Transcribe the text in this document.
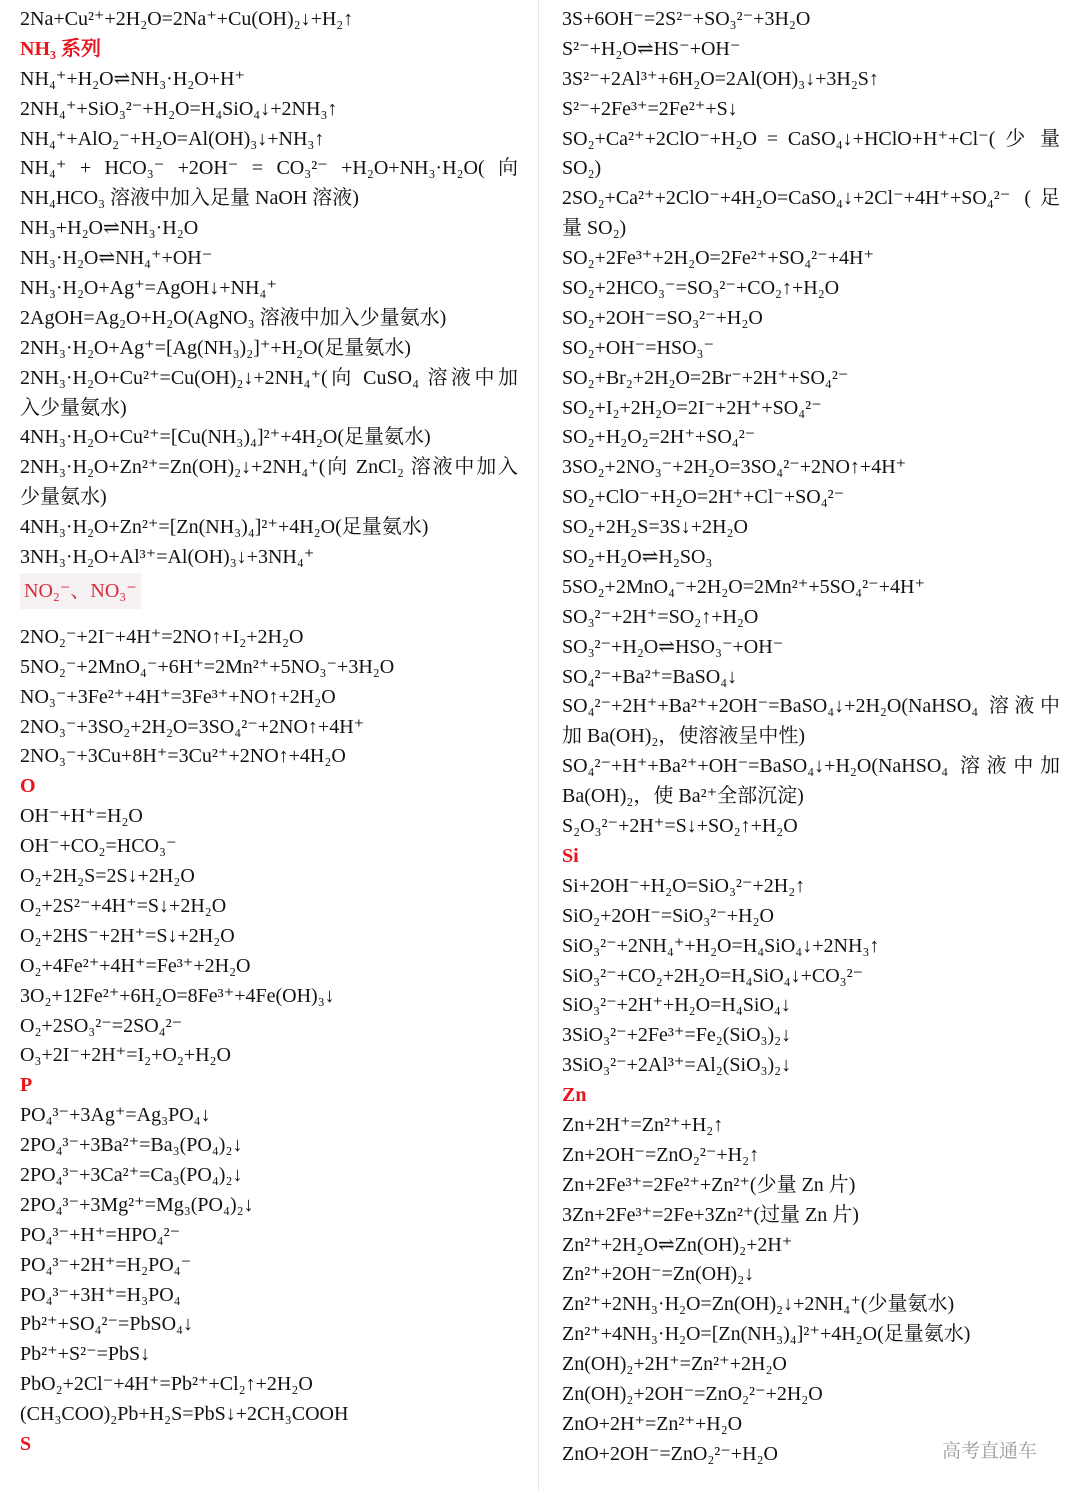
2Na+Cu²⁺+2H₂O=2Na⁺+Cu(OH)₂↓+H₂↑
NH₃ 系列
NH₄⁺+H₂O⇌NH₃·H₂O+H⁺
2NH₄⁺+SiO₃²⁻+H₂O=H₄SiO₄↓+2NH₃↑
NH₄⁺+AlO₂⁻+H₂O=Al(OH)₃↓+NH₃↑
NH₄⁺ + HCO₃⁻ +2OH⁻ = CO₃²⁻ +H₂O+NH₃·H₂O( 向
NH₄HCO₃ 溶液中加入足量 NaOH 溶液)
NH₃+H₂O⇌NH₃·H₂O
NH₃·H₂O⇌NH₄⁺+OH⁻
NH₃·H₂O+Ag⁺=AgOH↓+NH₄⁺
2AgOH=Ag₂O+H₂O(AgNO₃ 溶液中加入少量氨水)
2NH₃·H₂O+Ag⁺=[Ag(NH₃)₂]⁺+H₂O(足量氨水)
2NH₃·H₂O+Cu²⁺=Cu(OH)₂↓+2NH₄⁺(向 CuSO₄ 溶液中加
入少量氨水)
4NH₃·H₂O+Cu²⁺=[Cu(NH₃)₄]²⁺+4H₂O(足量氨水)
2NH₃·H₂O+Zn²⁺=Zn(OH)₂↓+2NH₄⁺(向 ZnCl₂ 溶液中加入
少量氨水)
4NH₃·H₂O+Zn²⁺=[Zn(NH₃)₄]²⁺+4H₂O(足量氨水)
3NH₃·H₂O+Al³⁺=Al(OH)₃↓+3NH₄⁺
NO₂⁻、NO₃⁻
2NO₂⁻+2I⁻+4H⁺=2NO↑+I₂+2H₂O
5NO₂⁻+2MnO₄⁻+6H⁺=2Mn²⁺+5NO₃⁻+3H₂O
NO₃⁻+3Fe²⁺+4H⁺=3Fe³⁺+NO↑+2H₂O
2NO₃⁻+3SO₂+2H₂O=3SO₄²⁻+2NO↑+4H⁺
2NO₃⁻+3Cu+8H⁺=3Cu²⁺+2NO↑+4H₂O
O
OH⁻+H⁺=H₂O
OH⁻+CO₂=HCO₃⁻
O₂+2H₂S=2S↓+2H₂O
O₂+2S²⁻+4H⁺=S↓+2H₂O
O₂+2HS⁻+2H⁺=S↓+2H₂O
O₂+4Fe²⁺+4H⁺=Fe³⁺+2H₂O
3O₂+12Fe²⁺+6H₂O=8Fe³⁺+4Fe(OH)₃↓
O₂+2SO₃²⁻=2SO₄²⁻
O₃+2I⁻+2H⁺=I₂+O₂+H₂O
P
PO₄³⁻+3Ag⁺=Ag₃PO₄↓
2PO₄³⁻+3Ba²⁺=Ba₃(PO₄)₂↓
2PO₄³⁻+3Ca²⁺=Ca₃(PO₄)₂↓
2PO₄³⁻+3Mg²⁺=Mg₃(PO₄)₂↓
PO₄³⁻+H⁺=HPO₄²⁻
PO₄³⁻+2H⁺=H₂PO₄⁻
PO₄³⁻+3H⁺=H₃PO₄
Pb²⁺+SO₄²⁻=PbSO₄↓
Pb²⁺+S²⁻=PbS↓
PbO₂+2Cl⁻+4H⁺=Pb²⁺+Cl₂↑+2H₂O
(CH₃COO)₂Pb+H₂S=PbS↓+2CH₃COOH
S
3S+6OH⁻=2S²⁻+SO₃²⁻+3H₂O
S²⁻+H₂O⇌HS⁻+OH⁻
3S²⁻+2Al³⁺+6H₂O=2Al(OH)₃↓+3H₂S↑
S²⁻+2Fe³⁺=2Fe²⁺+S↓
SO₂+Ca²⁺+2ClO⁻+H₂O = CaSO₄↓+HClO+H⁺+Cl⁻( 少 量
SO₂)
2SO₂+Ca²⁺+2ClO⁻+4H₂O=CaSO₄↓+2Cl⁻+4H⁺+SO₄²⁻ (足
量 SO₂)
SO₂+2Fe³⁺+2H₂O=2Fe²⁺+SO₄²⁻+4H⁺
SO₂+2HCO₃⁻=SO₃²⁻+CO₂↑+H₂O
SO₂+2OH⁻=SO₃²⁻+H₂O
SO₂+OH⁻=HSO₃⁻
SO₂+Br₂+2H₂O=2Br⁻+2H⁺+SO₄²⁻
SO₂+I₂+2H₂O=2I⁻+2H⁺+SO₄²⁻
SO₂+H₂O₂=2H⁺+SO₄²⁻
3SO₂+2NO₃⁻+2H₂O=3SO₄²⁻+2NO↑+4H⁺
SO₂+ClO⁻+H₂O=2H⁺+Cl⁻+SO₄²⁻
SO₂+2H₂S=3S↓+2H₂O
SO₂+H₂O⇌H₂SO₃
5SO₂+2MnO₄⁻+2H₂O=2Mn²⁺+5SO₄²⁻+4H⁺
SO₃²⁻+2H⁺=SO₂↑+H₂O
SO₃²⁻+H₂O⇌HSO₃⁻+OH⁻
SO₄²⁻+Ba²⁺=BaSO₄↓
SO₄²⁻+2H⁺+Ba²⁺+2OH⁻=BaSO₄↓+2H₂O(NaHSO₄ 溶液中
加 Ba(OH)₂，使溶液呈中性)
SO₄²⁻+H⁺+Ba²⁺+OH⁻=BaSO₄↓+H₂O(NaHSO₄ 溶液中加
Ba(OH)₂，使 Ba²⁺全部沉淀)
S₂O₃²⁻+2H⁺=S↓+SO₂↑+H₂O
Si
Si+2OH⁻+H₂O=SiO₃²⁻+2H₂↑
SiO₂+2OH⁻=SiO₃²⁻+H₂O
SiO₃²⁻+2NH₄⁺+H₂O=H₄SiO₄↓+2NH₃↑
SiO₃²⁻+CO₂+2H₂O=H₄SiO₄↓+CO₃²⁻
SiO₃²⁻+2H⁺+H₂O=H₄SiO₄↓
3SiO₃²⁻+2Fe³⁺=Fe₂(SiO₃)₂↓
3SiO₃²⁻+2Al³⁺=Al₂(SiO₃)₂↓
Zn
Zn+2H⁺=Zn²⁺+H₂↑
Zn+2OH⁻=ZnO₂²⁻+H₂↑
Zn+2Fe³⁺=2Fe²⁺+Zn²⁺(少量 Zn 片)
3Zn+2Fe³⁺=2Fe+3Zn²⁺(过量 Zn 片)
Zn²⁺+2H₂O⇌Zn(OH)₂+2H⁺
Zn²⁺+2OH⁻=Zn(OH)₂↓
Zn²⁺+2NH₃·H₂O=Zn(OH)₂↓+2NH₄⁺(少量氨水)
Zn²⁺+4NH₃·H₂O=[Zn(NH₃)₄]²⁺+4H₂O(足量氨水)
Zn(OH)₂+2H⁺=Zn²⁺+2H₂O
Zn(OH)₂+2OH⁻=ZnO₂²⁻+2H₂O
ZnO+2H⁺=Zn²⁺+H₂O
ZnO+2OH⁻=ZnO₂²⁻+H₂O	高考直通车
